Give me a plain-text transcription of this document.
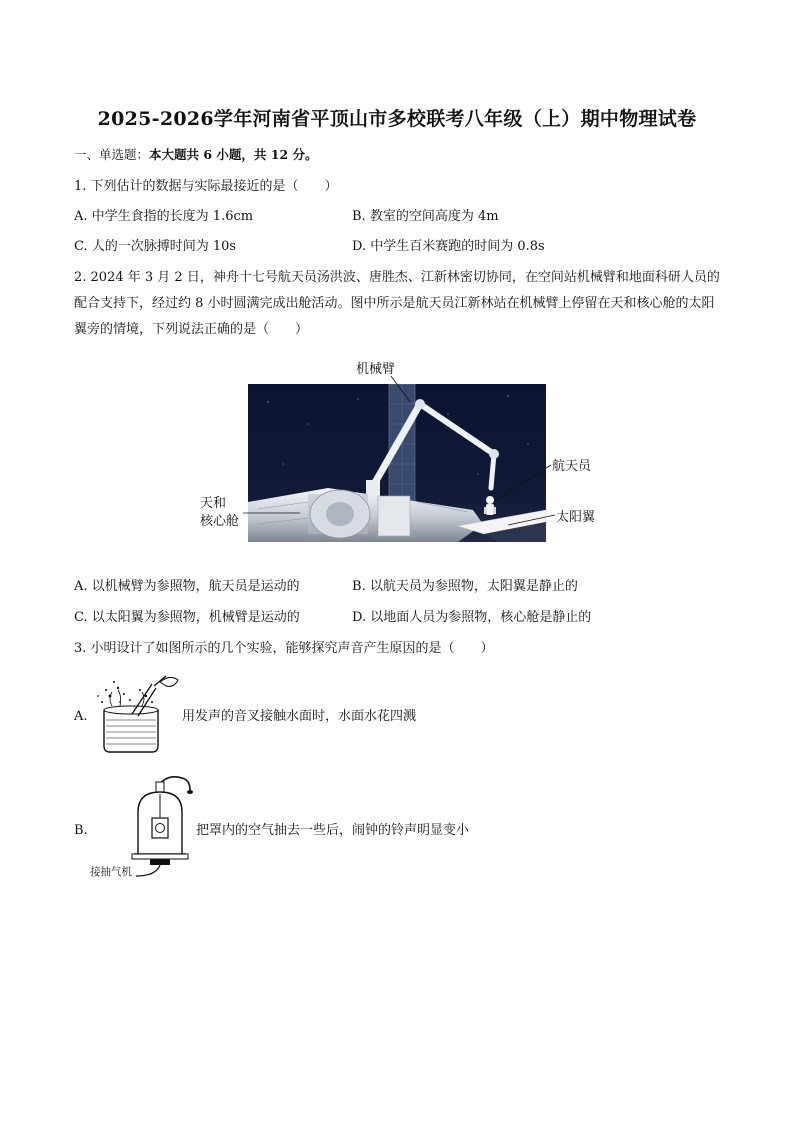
2025-2026学年河南省平顶山市多校联考八年级（上）期中物理试卷
一、单选题：本大题共 6 小题，共 12 分。
1. 下列估计的数据与实际最接近的是（　　）
A. 中学生食指的长度为 1.6cm	B. 教室的空间高度为 4m
C. 人的一次脉搏时间为 10s	D. 中学生百米赛跑的时间为 0.8s
2. 2024 年 3 月 2 日，神舟十七号航天员汤洪波、唐胜杰、江新林密切协同，在空间站机械臂和地面科研人员的配合支持下，经过约 8 小时圆满完成出舱活动。图中所示是航天员江新林站在机械臂上停留在天和核心舱的太阳翼旁的情境，下列说法正确的是（　　）
机械臂
航天员
天和
核心舱	太阳翼
A. 以机械臂为参照物，航天员是运动的	B. 以航天员为参照物，太阳翼是静止的
C. 以太阳翼为参照物，机械臂是运动的	D. 以地面人员为参照物，核心舱是静止的
3. 小明设计了如图所示的几个实验，能够探究声音产生原因的是（　　）
A.	用发声的音叉接触水面时，水面水花四溅
B.	把罩内的空气抽去一些后，闹钟的铃声明显变小
接抽气机
